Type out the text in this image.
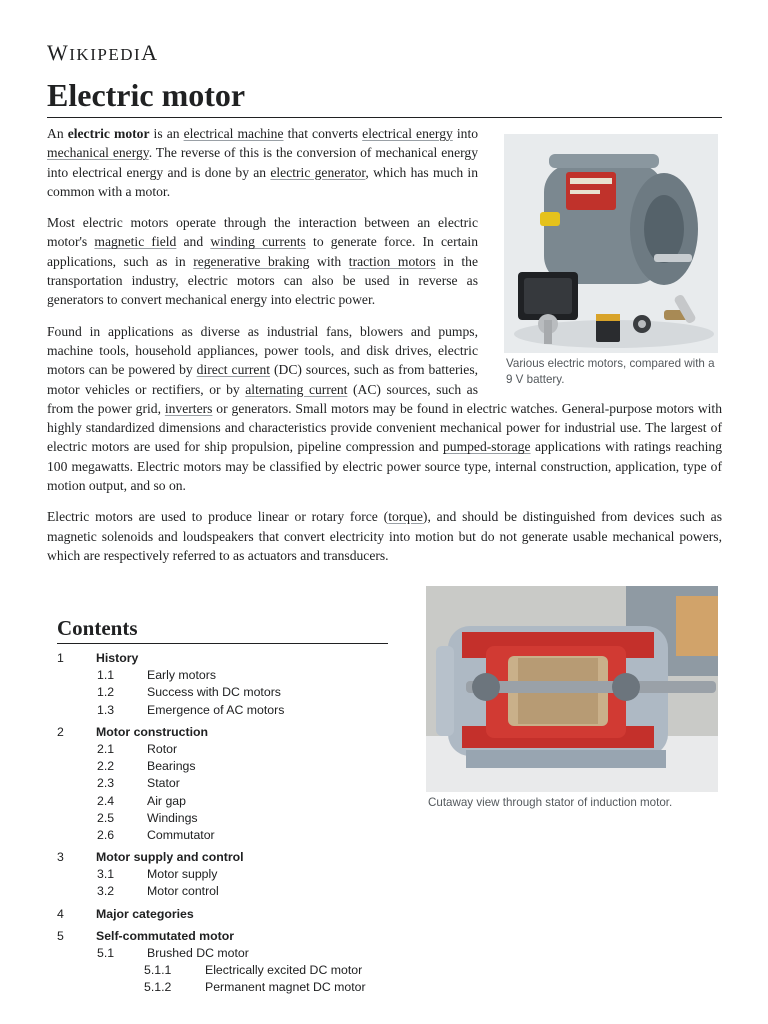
WIKIPEDIA
Electric motor
Various electric motors, compared with a 9 V battery.

An electric motor is an electrical machine that converts electrical energy into mechanical energy. The reverse of this is the conversion of mechanical energy into electrical energy and is done by an electric generator, which has much in common with a motor.

Most electric motors operate through the interaction between an electric motor's magnetic field and winding currents to generate force. In certain applications, such as in regenerative braking with traction motors in the transportation industry, electric motors can also be used in reverse as generators to convert mechanical energy into electric power.

Found in applications as diverse as industrial fans, blowers and pumps, machine tools, household appliances, power tools, and disk drives, electric motors can be powered by direct current (DC) sources, such as from batteries, motor vehicles or rectifiers, or by alternating current (AC) sources, such as from the power grid, inverters or generators. Small motors may be found in electric watches. General-purpose motors with highly standardized dimensions and characteristics provide convenient mechanical power for industrial use. The largest of electric motors are used for ship propulsion, pipeline compression and pumped-storage applications with ratings reaching 100 megawatts. Electric motors may be classified by electric power source type, internal construction, application, type of motion output, and so on.

Electric motors are used to produce linear or rotary force (torque), and should be distinguished from devices such as magnetic solenoids and loudspeakers that convert electricity into motion but do not generate usable mechanical powers, which are respectively referred to as actuators and transducers.

Contents
1	History
1.1	Early motors
1.2	Success with DC motors
1.3	Emergence of AC motors
2	Motor construction
2.1	Rotor
2.2	Bearings
2.3	Stator
2.4	Air gap
2.5	Windings
2.6	Commutator
3	Motor supply and control
3.1	Motor supply
3.2	Motor control
4	Major categories
5	Self-commutated motor
5.1	Brushed DC motor
5.1.1	Electrically excited DC motor
5.1.2	Permanent magnet DC motor
Cutaway view through stator of induction motor.
